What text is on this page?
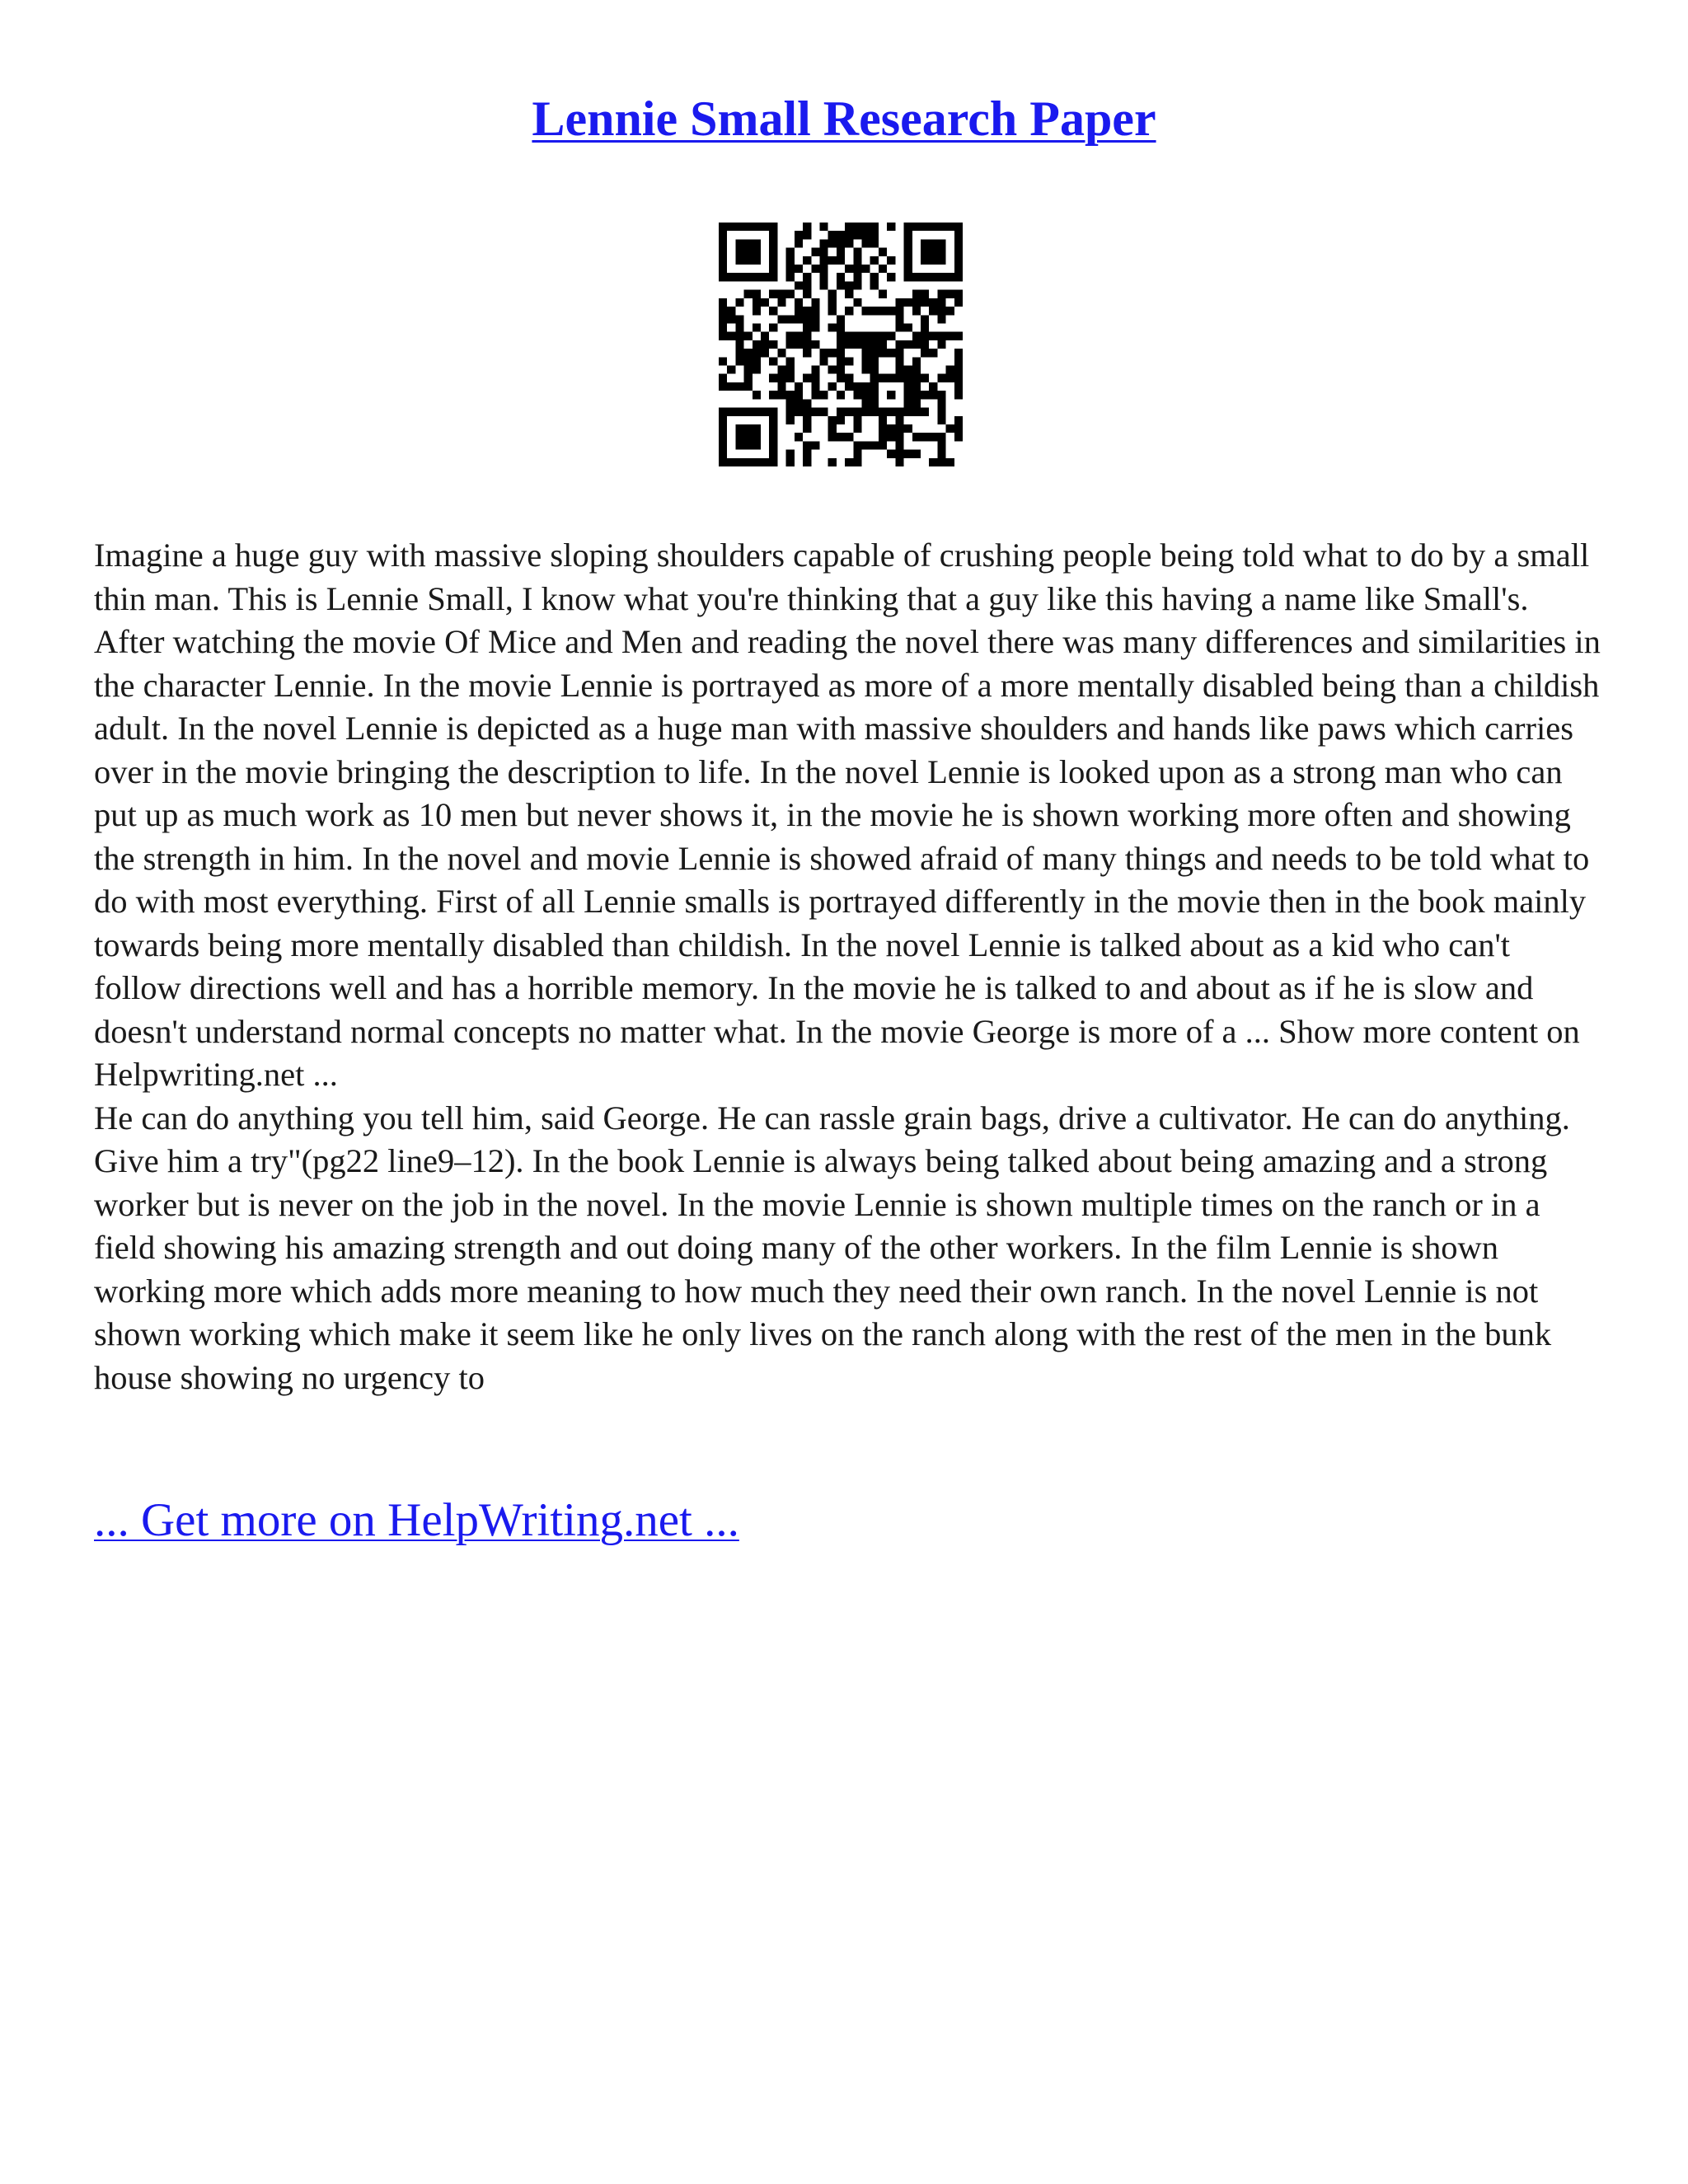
Lennie Small Research Paper

Imagine a huge guy with massive sloping shoulders capable of crushing people being told what to do by a small thin man. This is Lennie Small, I know what you're thinking that a guy like this having a name like Small's. After watching the movie Of Mice and Men and reading the novel there was many differences and similarities in the character Lennie. In the movie Lennie is portrayed as more of a more mentally disabled being than a childish adult. In the novel Lennie is depicted as a huge man with massive shoulders and hands like paws which carries over in the movie bringing the description to life. In the novel Lennie is looked upon as a strong man who can put up as much work as 10 men but never shows it, in the movie he is shown working more often and showing the strength in him. In the novel and movie Lennie is showed afraid of many things and needs to be told what to do with most everything. First of all Lennie smalls is portrayed differently in the movie then in the book mainly towards being more mentally disabled than childish. In the novel Lennie is talked about as a kid who can't follow directions well and has a horrible memory. In the movie he is talked to and about as if he is slow and doesn't understand normal concepts no matter what. In the movie George is more of a ... Show more content on Helpwriting.net ...

He can do anything you tell him, said George. He can rassle grain bags, drive a cultivator. He can do anything. Give him a try"(pg22 line9–12). In the book Lennie is always being talked about being amazing and a strong worker but is never on the job in the novel. In the movie Lennie is shown multiple times on the ranch or in a field showing his amazing strength and out doing many of the other workers. In the film Lennie is shown working more which adds more meaning to how much they need their own ranch. In the novel Lennie is not shown working which make it seem like he only lives on the ranch along with the rest of the men in the bunk house showing no urgency to

... Get more on HelpWriting.net ...
